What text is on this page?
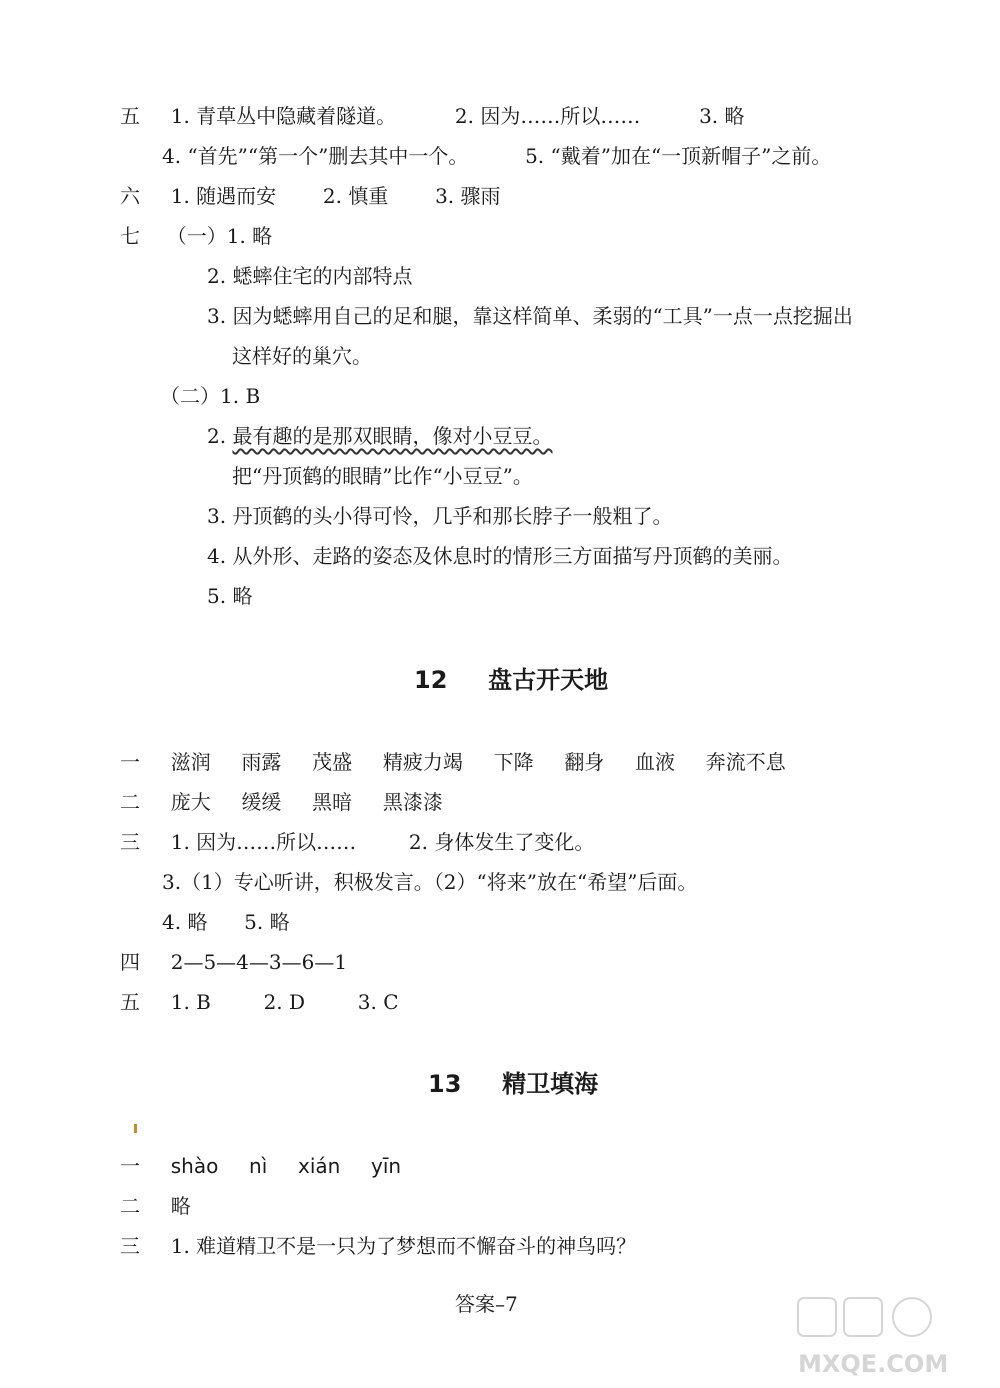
五 1. 青草丛中隐藏着隧道。	2. 因为……所以……	3. 略
4. “首先”“第一个”删去其中一个。	5. “戴着”加在“一顶新帽子”之前。
六 1. 随遇而安 2. 慎重 3. 骤雨
七 （一）1. 略
2. 蟋蟀住宅的内部特点
3. 因为蟋蟀用自己的足和腿，靠这样简单、柔弱的“工具”一点一点挖掘出
这样好的巢穴。
（二）1. B
2. 最有趣的是那双眼睛，像对小豆豆。
把“丹顶鹤的眼睛”比作“小豆豆”。
3. 丹顶鹤的头小得可怜，几乎和那长脖子一般粗了。
4. 从外形、走路的姿态及休息时的情形三方面描写丹顶鹤的美丽。
5. 略
12 盘古开天地
一 滋润 雨露 茂盛 精疲力竭 下降 翻身 血液 奔流不息
二 庞大 缓缓 黑暗 黑漆漆
三 1. 因为……所以……	2. 身体发生了变化。
3.（1）专心听讲，积极发言。（2）“将来”放在“希望”后面。
4. 略 5. 略
四 2—5—4—3—6—1
五 1. B	2. D	3. C
13 精卫填海
一 shào nì xián yīn
二 略
三 1. 难道精卫不是一只为了梦想而不懈奋斗的神鸟吗？
答案–7
MXQE.COM
